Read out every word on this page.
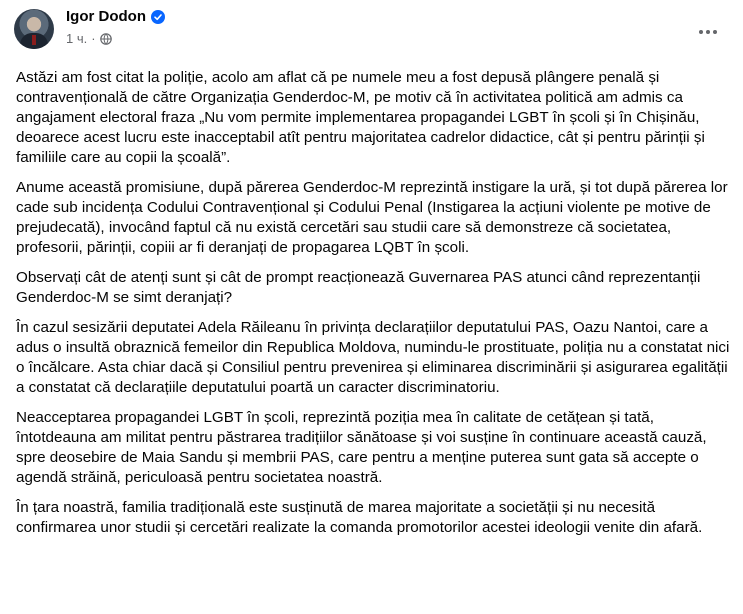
Igor Dodon
1 ч. ·

Astăzi am fost citat la poliție, acolo am aflat că pe numele meu a fost depusă plângere penală și contravențională de către Organizația Genderdoc-M, pe motiv că în activitatea politică am admis ca angajament electoral fraza „Nu vom permite implementarea propagandei LGBT în școli și în Chișinău, deoarece acest lucru este inacceptabil atît pentru majoritatea cadrelor didactice, cât și pentru părinții și familiile care au copii la școală”.

Anume această promisiune, după părerea Genderdoc-M reprezintă instigare la ură, și tot după părerea lor cade sub incidența Codului Contravențional și Codului Penal (Instigarea la acțiuni violente pe motive de prejudecată), invocând faptul că nu există cercetări sau studii care să demonstreze că societatea, profesorii, părinții, copiii ar fi deranjați de propagarea LQBT în școli.

Observați cât de atenți sunt și cât de prompt reacționează Guvernarea PAS atunci când reprezentanții Genderdoc-M se simt deranjați?

În cazul sesizării deputatei Adela Răileanu în privința declarațiilor deputatului PAS, Oazu Nantoi, care a adus o insultă obraznică femeilor din Republica Moldova, numindu-le prostituate, poliția nu a constatat nici o încălcare. Asta chiar dacă și Consiliul pentru prevenirea și eliminarea discriminării și asigurarea egalității a constatat că declarațiile deputatului poartă un caracter discriminatoriu.

Neacceptarea propagandei LGBT în școli, reprezintă poziția mea în calitate de cetățean și tată, întotdeauna am militat pentru păstrarea tradițiilor sănătoase și voi susține în continuare această cauză, spre deosebire de Maia Sandu și membrii PAS, care pentru a menține puterea sunt gata să accepte o agendă străină, periculoasă pentru societatea noastră.

În țara noastră, familia tradițională este susținută de marea majoritate a societății și nu necesită confirmarea unor studii și cercetări realizate la comanda promotorilor acestei ideologii venite din afară.
